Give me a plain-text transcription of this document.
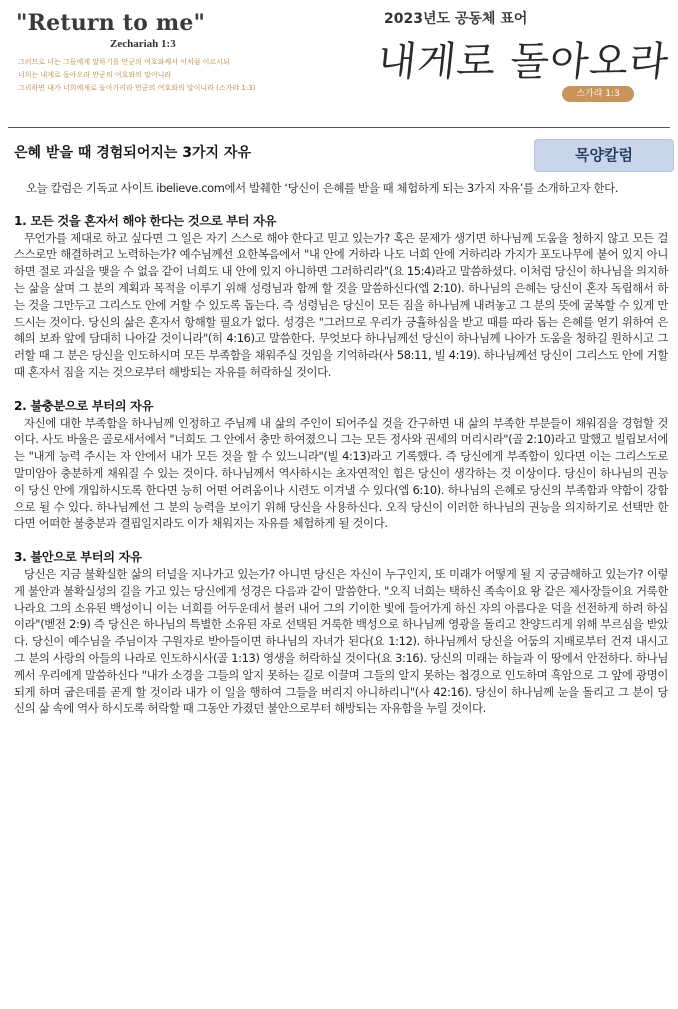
"Return to me"
Zechariah 1:3
그러므로 너는 그들에게 말하기를 만군의 여호와께서 이처럼 이르시되
너희는 내게로 돌아오라 만군의 여호와의 말이니라
그리하면 내가 너희에게로 돌아가리라 만군의 여호와의 말이니라 (스가랴 1:3)
2023년도 공동체 표어
내게로 돌아오라
스가랴 1:3
은혜 받을 때 경험되어지는 3가지 자유	목양칼럼

오늘 칼럼은 기독교 사이트 ibelieve.com에서 발췌한 ‘당신이 은혜를 받을 때 체험하게 되는 3가지 자유’를 소개하고자 한다.

1. 모든 것을 혼자서 해야 한다는 것으로 부터 자유

무언가를 제대로 하고 싶다면 그 일은 자기 스스로 해야 한다고 믿고 있는가? 혹은 문제가 생기면 하나님께 도움을 청하지 않고 모든 걸 스스로만 해결하려고 노력하는가? 예수님께선 요한복음에서 "내 안에 거하라 나도 너희 안에 거하리라 가지가 포도나무에 붙어 있지 아니하면 절로 과실을 맺을 수 없음 같이 너희도 내 안에 있지 아니하면 그러하리라"(요 15:4)라고 말씀하셨다. 이처럼 당신이 하나님을 의지하는 삶을 살며 그 분의 계획과 목적을 이루기 위해 성령님과 함께 할 것을 말씀하신다(엡 2:10). 하나님의 은혜는 당신이 혼자 독립해서 하는 것을 그만두고 그리스도 안에 거할 수 있도록 돕는다. 즉 성령님은 당신이 모든 짐을 하나님께 내려놓고 그 분의 뜻에 굴복할 수 있게 만드시는 것이다. 당신의 삶은 혼자서 항해할 필요가 없다. 성경은 "그러므로 우리가 긍휼하심을 받고 때를 따라 돕는 은혜를 얻기 위하여 은혜의 보좌 앞에 담대히 나아갈 것이니라"(히 4:16)고 말씀한다. 무엇보다 하나님께선 당신이 하나님께 나아가 도움을 청하길 원하시고 그러할 때 그 분은 당신을 인도하시며 모든 부족함을 채워주실 것임을 기억하라(사 58:11, 빌 4:19). 하나님께선 당신이 그리스도 안에 거할 때 혼자서 짐을 지는 것으로부터 해방되는 자유를 허락하실 것이다.

2. 불충분으로 부터의 자유

자신에 대한 부족함을 하나님께 인정하고 주님께 내 삶의 주인이 되어주실 것을 간구하면 내 삶의 부족한 부분들이 채워짐을 경험할 것이다. 사도 바울은 골로새서에서 "너희도 그 안에서 충만 하여졌으니 그는 모든 정사와 권세의 머리시라"(골 2:10)라고 말했고 빌립보서에는 "내게 능력 주시는 자 안에서 내가 모든 것을 할 수 있느니라"(빌 4:13)라고 기록했다. 즉 당신에게 부족함이 있다면 이는 그리스도로 말미암아 충분하게 채워질 수 있는 것이다. 하나님께서 역사하시는 초자연적인 힘은 당신이 생각하는 것 이상이다. 당신이 하나님의 권능이 당신 안에 개입하시도록 한다면 능히 어떤 어려움이나 시련도 이겨낼 수 있다(엡 6:10). 하나님의 은혜로 당신의 부족함과 약함이 강함으로 될 수 있다. 하나님께선 그 분의 능력을 보이기 위해 당신을 사용하신다. 오직 당신이 이러한 하나님의 권능을 의지하기로 선택만 한다면 어떠한 불충분과 결핍일지라도 이가 채워지는 자유를 체험하게 될 것이다.

3. 불안으로 부터의 자유

당신은 지금 불확실한 삶의 터널을 지나가고 있는가? 아니면 당신은 자신이 누구인지, 또 미래가 어떻게 될 지 궁금해하고 있는가? 이렇게 불안과 불확실성의 길을 가고 있는 당신에게 성경은 다음과 같이 말씀한다. "오직 너희는 택하신 족속이요 왕 같은 제사장들이요 거룩한 나라요 그의 소유된 백성이니 이는 너희를 어두운데서 불러 내어 그의 기이한 빛에 들어가게 하신 자의 아름다운 덕을 선전하게 하려 하심이라"(벧전 2:9) 즉 당신은 하나님의 특별한 소유된 자로 선택된 거룩한 백성으로 하나님께 영광을 돌리고 찬양드리게 위해 부르심을 받았다. 당신이 예수님을 주님이자 구원자로 받아들이면 하나님의 자녀가 된다(요 1:12). 하나님께서 당신을 어둠의 지배로부터 건져 내시고 그 분의 사랑의 아들의 나라로 인도하시사(골 1:13) 영생을 허락하실 것이다(요 3:16). 당신의 미래는 하늘과 이 땅에서 안전하다. 하나님께서 우리에게 말씀하신다 "내가 소경을 그들의 알지 못하는 길로 이끌며 그들의 알지 못하는 첩경으로 인도하며 흑암으로 그 앞에 광명이 되게 하며 굽은데를 곧게 할 것이라 내가 이 일을 행하여 그들을 버리지 아니하리니"(사 42:16). 당신이 하나님께 눈을 돌리고 그 분이 당신의 삶 속에 역사 하시도록 허락할 때 그동안 가졌던 불안으로부터 해방되는 자유함을 누릴 것이다.
